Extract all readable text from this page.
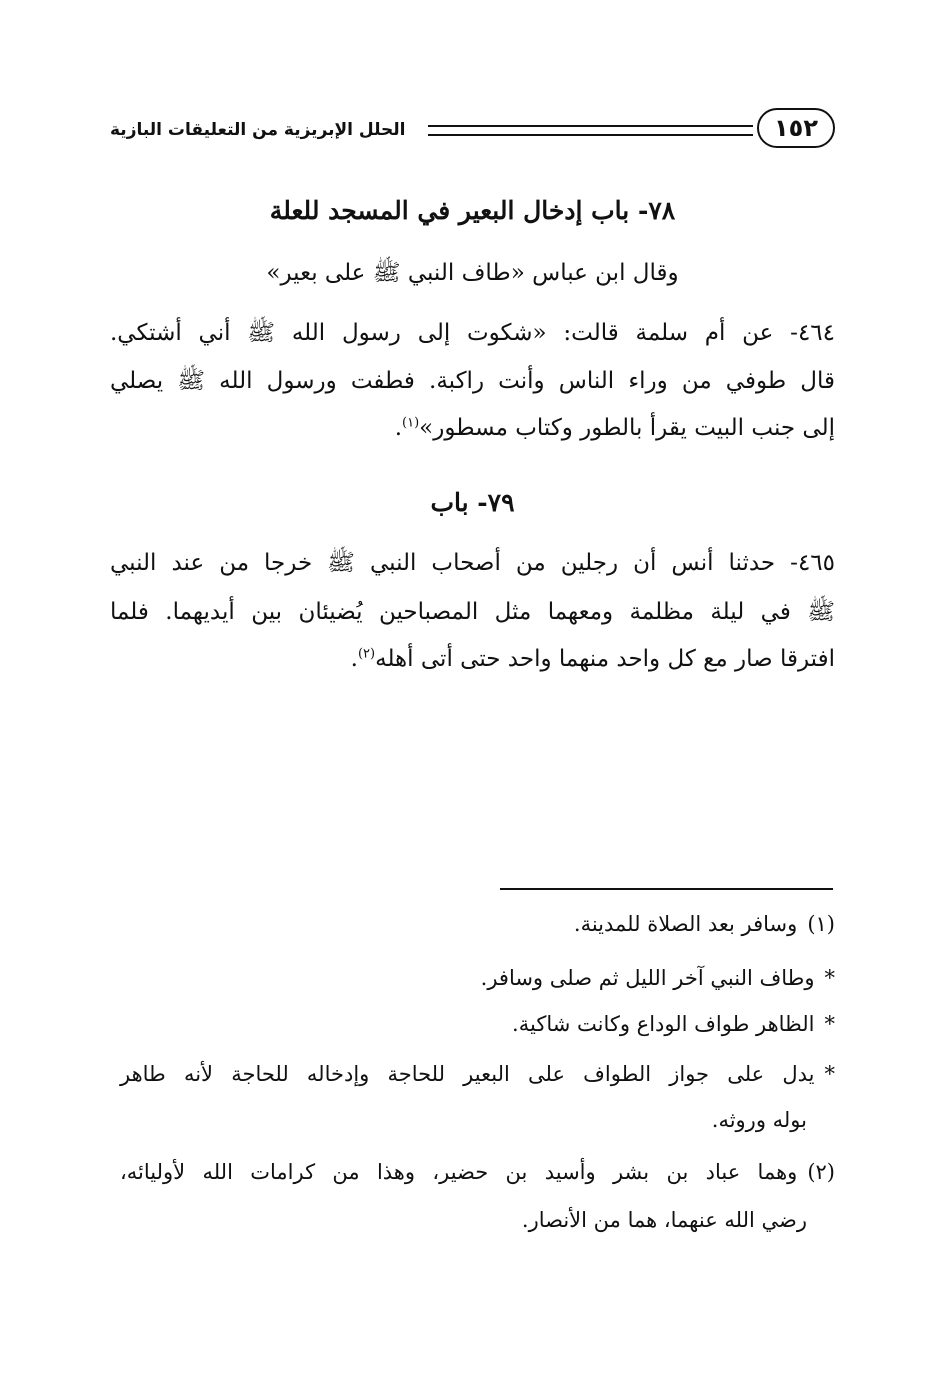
الحلل الإبريزية من التعليقات البازية	١٥٢
٧٨- باب إدخال البعير في المسجد للعلة
وقال ابن عباس «طاف النبي ﷺ على بعير»
٤٦٤- عن أم سلمة قالت: «شكوت إلى رسول الله ﷺ أني أشتكي.
قال طوفي من وراء الناس وأنت راكبة. فطفت ورسول الله ﷺ يصلي
إلى جنب البيت يقرأ بالطور وكتاب مسطور»$^{(١)}$.
٧٩- باب
٤٦٥- حدثنا أنس أن رجلين من أصحاب النبي ﷺ خرجا من عند النبي
ﷺ في ليلة مظلمة ومعهما مثل المصباحين يُضيئان بين أيديهما. فلما
افترقا صار مع كل واحد منهما واحد حتى أتى أهله$^{(٢)}$.
(١)وسافر بعد الصلاة للمدينة.
*وطاف النبي آخر الليل ثم صلى وسافر.
*الظاهر طواف الوداع وكانت شاكية.
*يدل على جواز الطواف على البعير للحاجة وإدخاله للحاجة لأنه طاهر
بوله وروثه.
(٢)وهما عباد بن بشر وأسيد بن حضير، وهذا من كرامات الله لأوليائه،
رضي الله عنهما، هما من الأنصار.
